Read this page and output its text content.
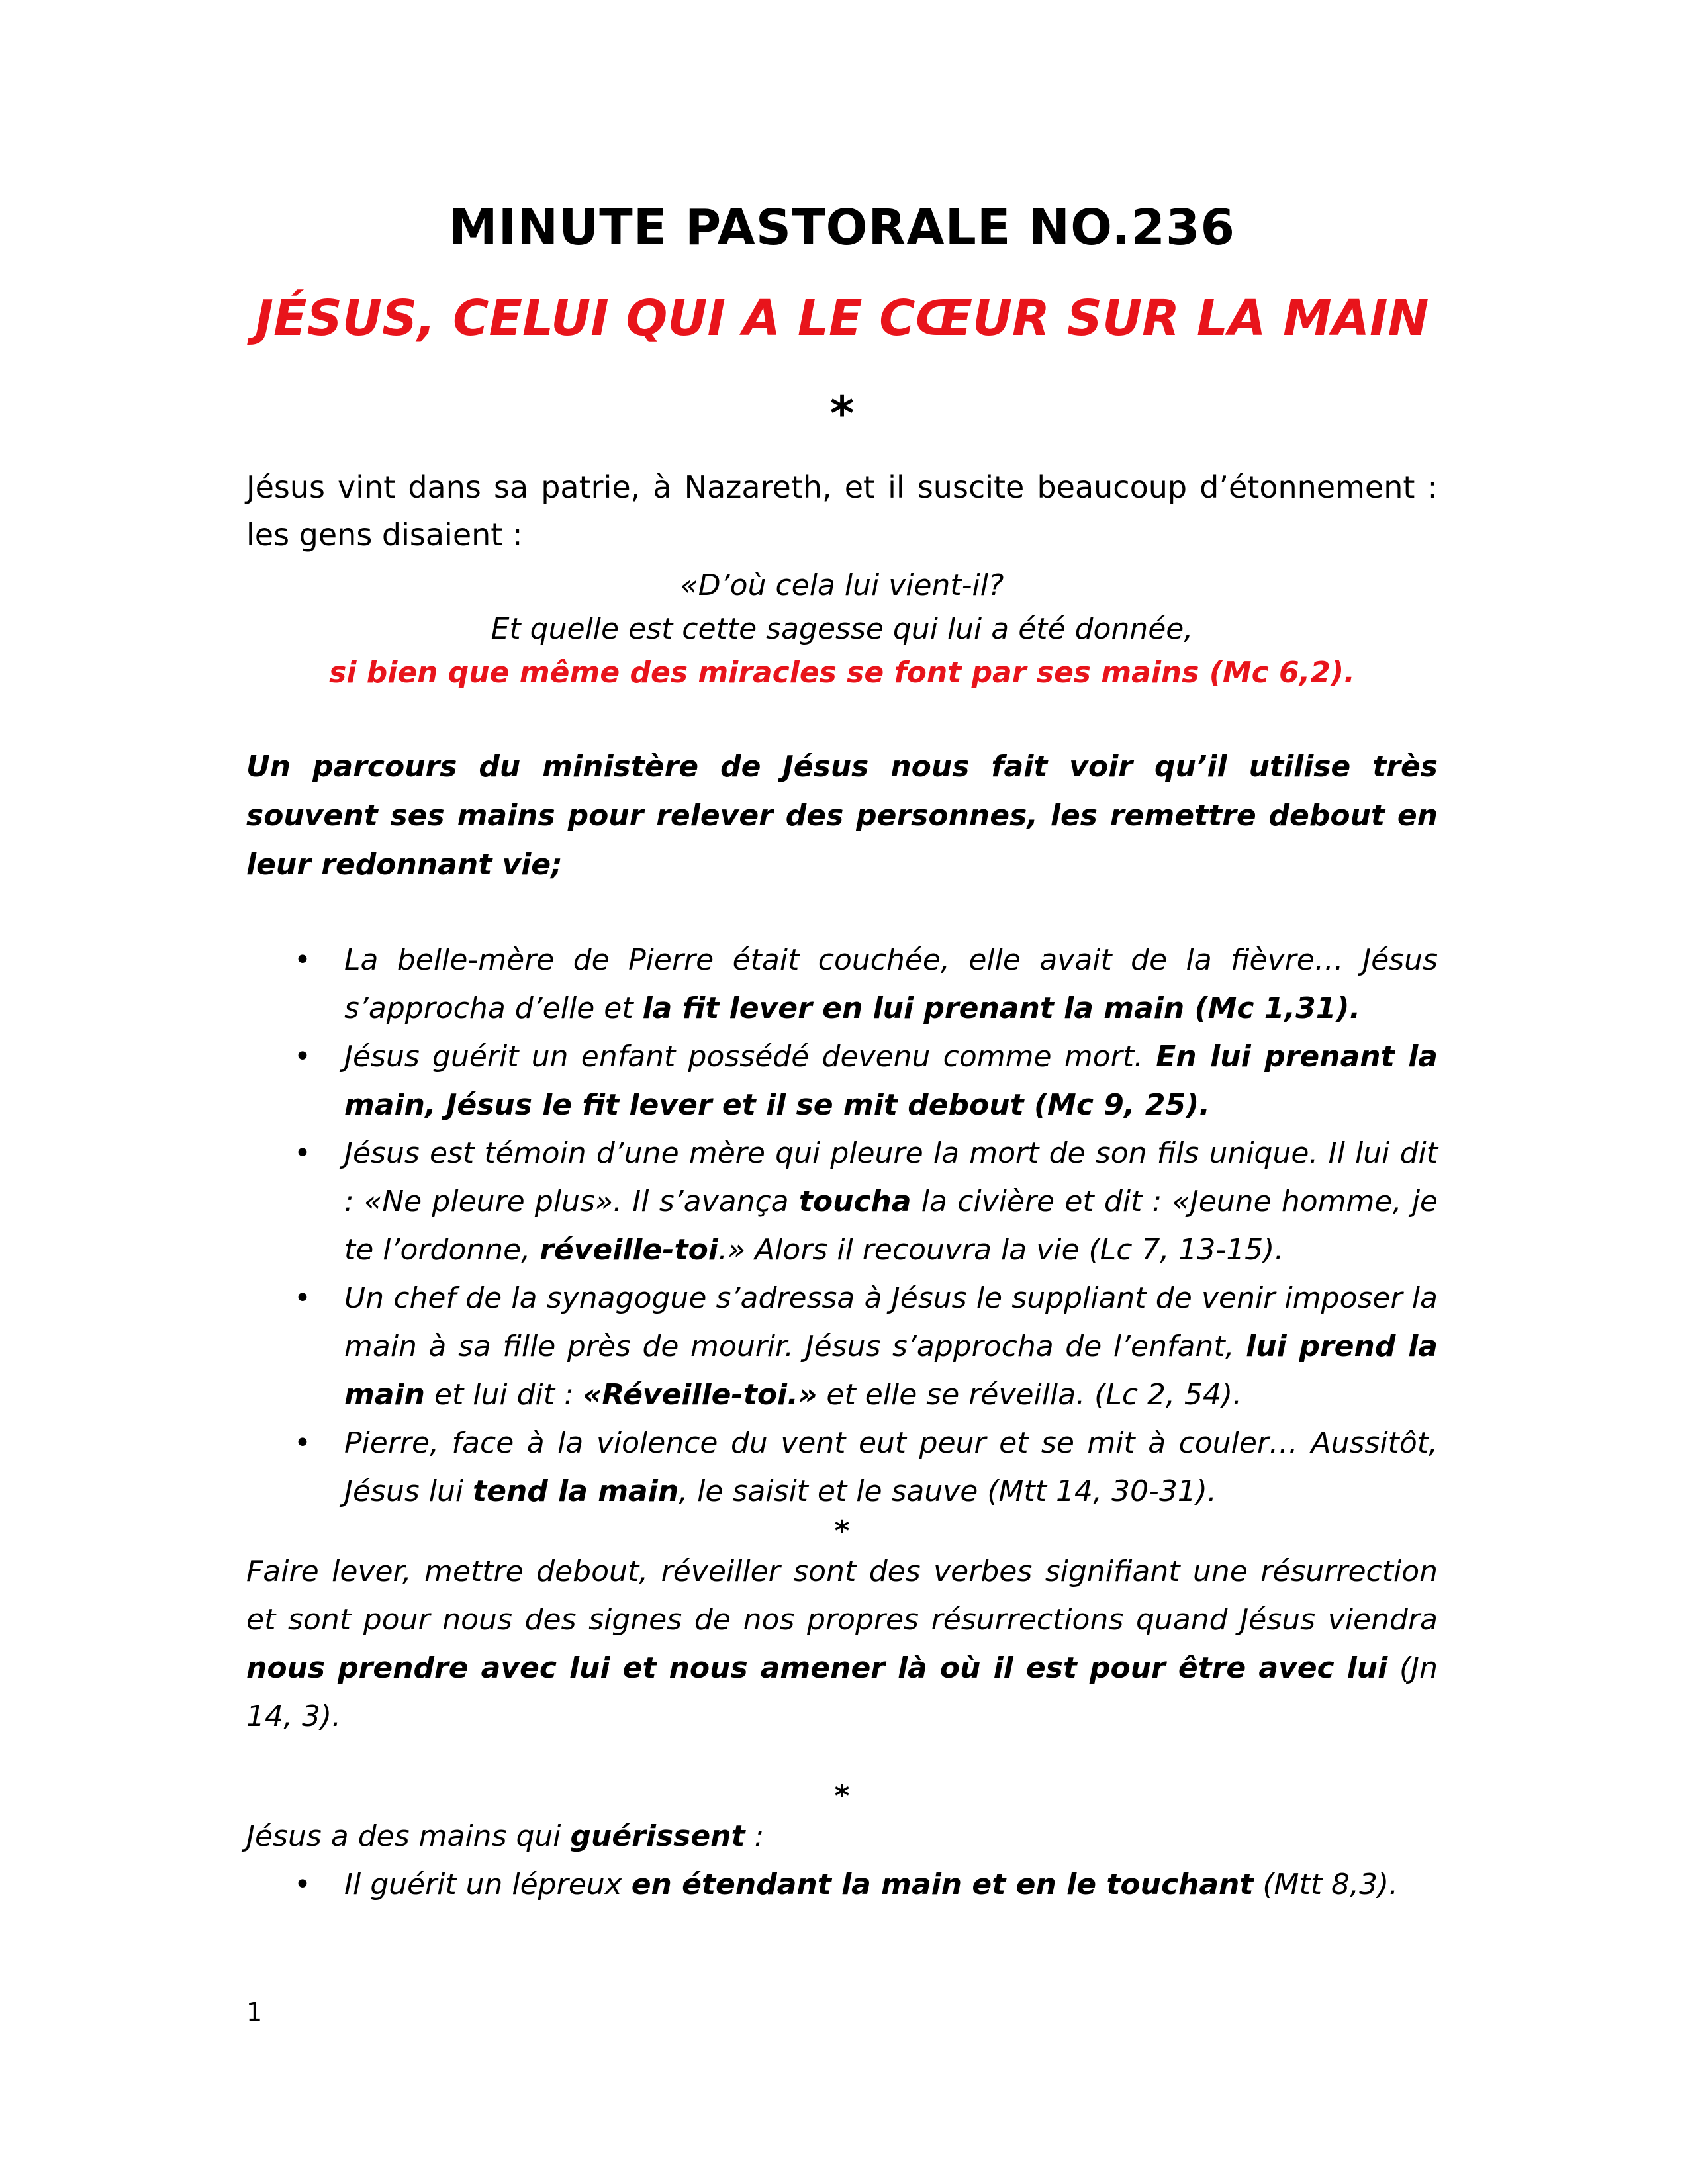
MINUTE PASTORALE NO.236
JÉSUS, CELUI QUI A LE CŒUR SUR LA MAIN

*

Jésus vint dans sa patrie, à Nazareth, et il suscite beaucoup d’étonnement : les gens disaient :

«D’où cela lui vient-il?

Et quelle est cette sagesse qui lui a été donnée,

si bien que même des miracles se font par ses mains (Mc 6,2).

Un parcours du ministère de Jésus nous fait voir qu’il utilise très souvent ses mains pour relever des personnes, les remettre debout en leur redonnant vie;

• La belle-mère de Pierre était couchée, elle avait de la fièvre… Jésus s’approcha d’elle et la fit lever en lui prenant la main (Mc 1,31).
• Jésus guérit un enfant possédé devenu comme mort. En lui prenant la main, Jésus le fit lever et il se mit debout (Mc 9, 25).
• Jésus est témoin d’une mère qui pleure la mort de son fils unique. Il lui dit : «Ne pleure plus». Il s’avança toucha la civière et dit : «Jeune homme, je te l’ordonne, réveille-toi.» Alors il recouvra la vie (Lc 7, 13-15).
• Un chef de la synagogue s’adressa à Jésus le suppliant de venir imposer la main à sa fille près de mourir. Jésus s’approcha de l’enfant, lui prend la main et lui dit : «Réveille-toi.» et elle se réveilla. (Lc 2, 54).
• Pierre, face à la violence du vent eut peur et se mit à couler… Aussitôt, Jésus lui tend la main, le saisit et le sauve (Mtt 14, 30-31).

*

Faire lever, mettre debout, réveiller sont des verbes signifiant une résurrection et sont pour nous des signes de nos propres résurrections quand Jésus viendra nous prendre avec lui et nous amener là où il est pour être avec lui (Jn 14, 3).

*

Jésus a des mains qui guérissent :

• Il guérit un lépreux en étendant la main et en le touchant (Mtt 8,3).
1
